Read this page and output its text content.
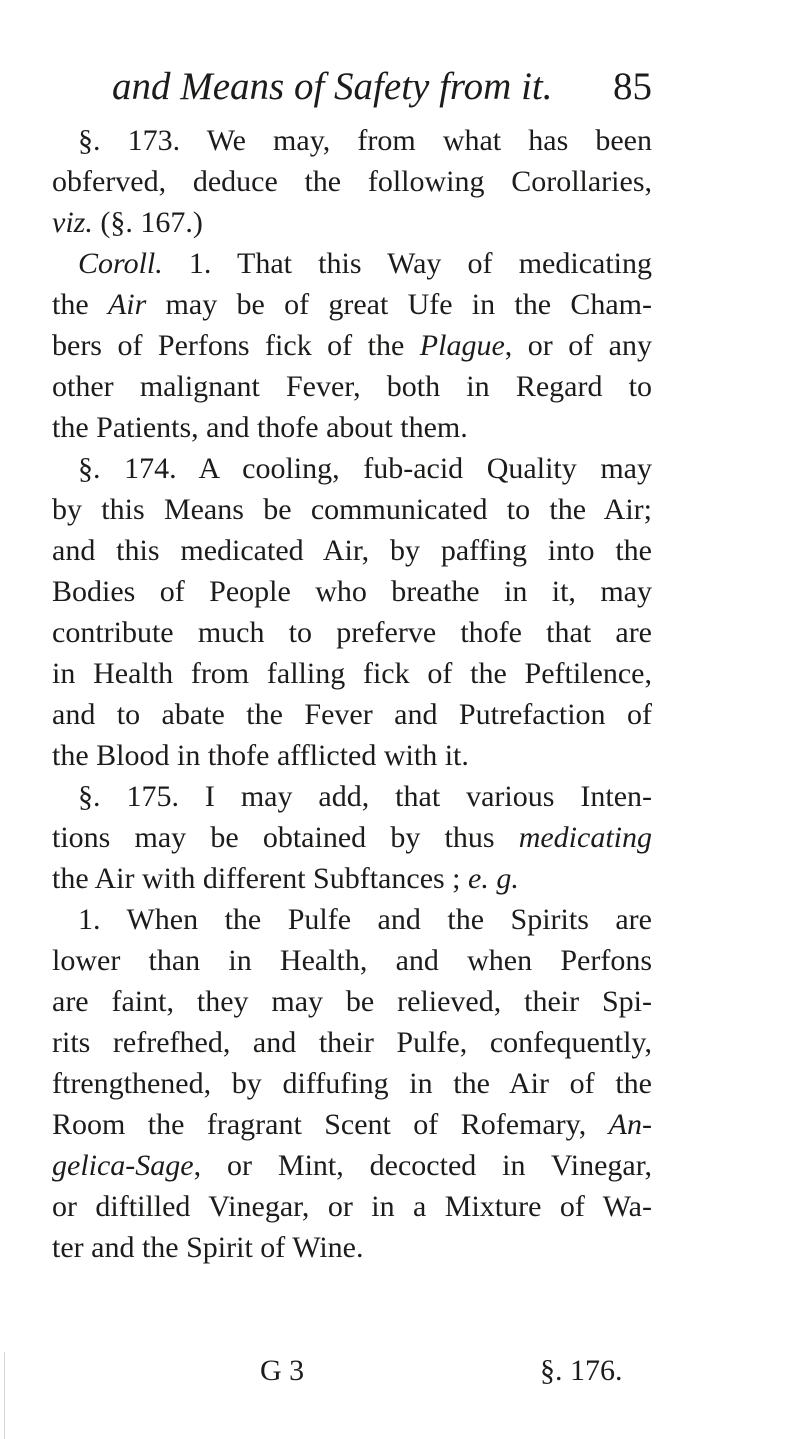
and Means of Safety from it. 85
§. 173. We may, from what has been
obferved, deduce the following Corollaries,
viz. (§. 167.)
Coroll. 1. That this Way of medicating
the Air may be of great Ufe in the Cham-
bers of Perfons fick of the Plague, or of any
other malignant Fever, both in Regard to
the Patients, and thofe about them.
§. 174. A cooling, fub-acid Quality may
by this Means be communicated to the Air;
and this medicated Air, by paffing into the
Bodies of People who breathe in it, may
contribute much to preferve thofe that are
in Health from falling fick of the Peftilence,
and to abate the Fever and Putrefaction of
the Blood in thofe afflicted with it.
§. 175. I may add, that various Inten-
tions may be obtained by thus medicating
the Air with different Subftances ; e. g.
1. When the Pulfe and the Spirits are
lower than in Health, and when Perfons
are faint, they may be relieved, their Spi-
rits refrefhed, and their Pulfe, confequently,
ftrengthened, by diffufing in the Air of the
Room the fragrant Scent of Rofemary, An-
gelica-Sage, or Mint, decocted in Vinegar,
or diftilled Vinegar, or in a Mixture of Wa-
ter and the Spirit of Wine.
G 3	§. 176.
